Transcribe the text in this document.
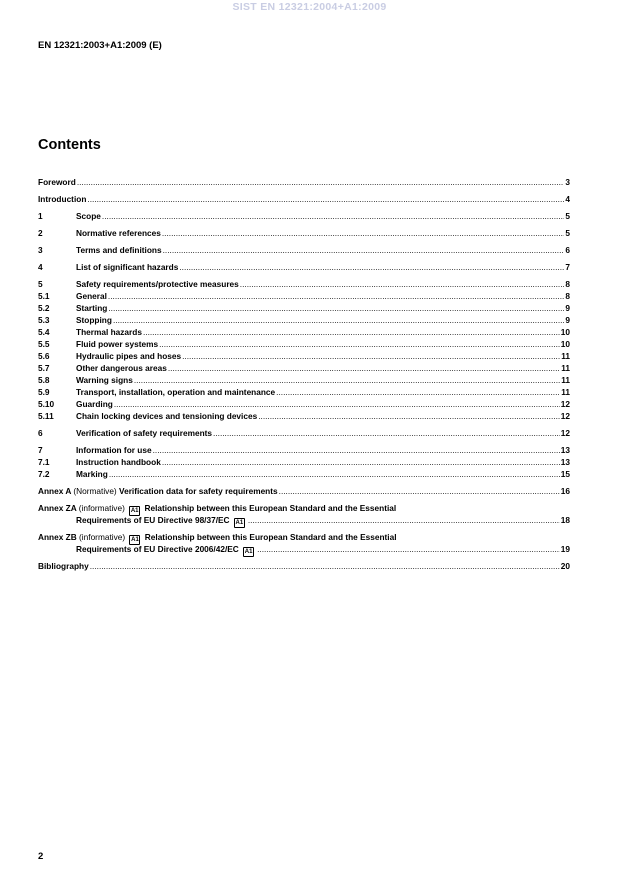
SIST EN 12321:2004+A1:2009
EN 12321:2003+A1:2009 (E)
Contents
Foreword .....	3
Introduction .....	4
1	Scope .....	5
2	Normative references .....	5
3	Terms and definitions .....	6
4	List of significant hazards .....	7
5	Safety requirements/protective measures .....	8
5.1	General .....	8
5.2	Starting .....	9
5.3	Stopping .....	9
5.4	Thermal hazards .....	10
5.5	Fluid power systems .....	10
5.6	Hydraulic pipes and hoses .....	11
5.7	Other dangerous areas .....	11
5.8	Warning signs .....	11
5.9	Transport, installation, operation and maintenance .....	11
5.10	Guarding .....	12
5.11	Chain locking devices and tensioning devices .....	12
6	Verification of safety requirements .....	12
7	Information for use .....	13
7.1	Instruction handbook .....	13
7.2	Marking .....	15
Annex A (Normative) Verification data for safety requirements .....	16
Annex ZA (informative) A1 Relationship between this European Standard and the Essential
Requirements of EU Directive 98/37/EC A1 .....	18
Annex ZB (informative) A1 Relationship between this European Standard and the Essential
Requirements of EU Directive 2006/42/EC A1 .....	19
Bibliography .....	20
2
